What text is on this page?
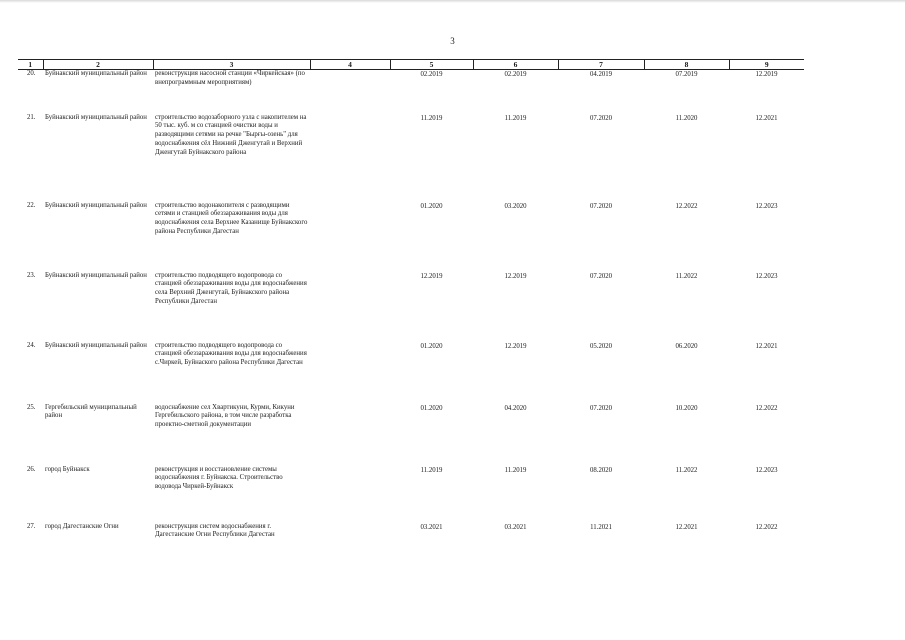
3
1	2	3	4	5	6	7	8	9
20.	Буйнакский муниципальный район	реконструкция насосной станции «Чиркейская» (по внепрограммным мероприятиям)		02.2019	02.2019	04.2019	07.2019	12.2019
21.	Буйнакский муниципальный район	строительство водозаборного узла с накопителем на 50 тыс. куб. м со станцией очистки воды и разводящими сетями на речке "Бырғы-озень" для водоснабжения сёл Нижний Дженгутай и Верхний Дженгутай Буйнакского района		11.2019	11.2019	07.2020	11.2020	12.2021
22.	Буйнакский муниципальный район	строительство водонакопителя с разводящими сетями и станцией обеззараживания воды для водоснабжения села Верхнее Казанище Буйнакского района Республики Дагестан		01.2020	03.2020	07.2020	12.2022	12.2023
23.	Буйнакский муниципальный район	строительство подводящего водопровода со станцией обеззараживания воды для водоснабжения села Верхний Дженгутай, Буйнакского района Республики Дагестан		12.2019	12.2019	07.2020	11.2022	12.2023
24.	Буйнакский муниципальный район	строительство подводящего водопровода со станцией обеззараживания воды для водоснабжения с.Чиркей, Буйнаского района Республики Дагестан		01.2020	12.2019	05.2020	06.2020	12.2021
25.	Гергебильский муниципальный район	водоснабжение сел Хвартикуни, Курми, Кикуни Гергебильского района, в том числе разработка проектно-сметной документации		01.2020	04.2020	07.2020	10.2020	12.2022
26.	город Буйнакск	реконструкция и восстановление системы водоснабжения г. Буйнакска. Строительство водовода Чиркей-Буйнакск		11.2019	11.2019	08.2020	11.2022	12.2023
27.	город Дагестанские Огни	реконструкция систем водоснабжения г. Дагестанские Огни Республики Дагестан		03.2021	03.2021	11.2021	12.2021	12.2022
